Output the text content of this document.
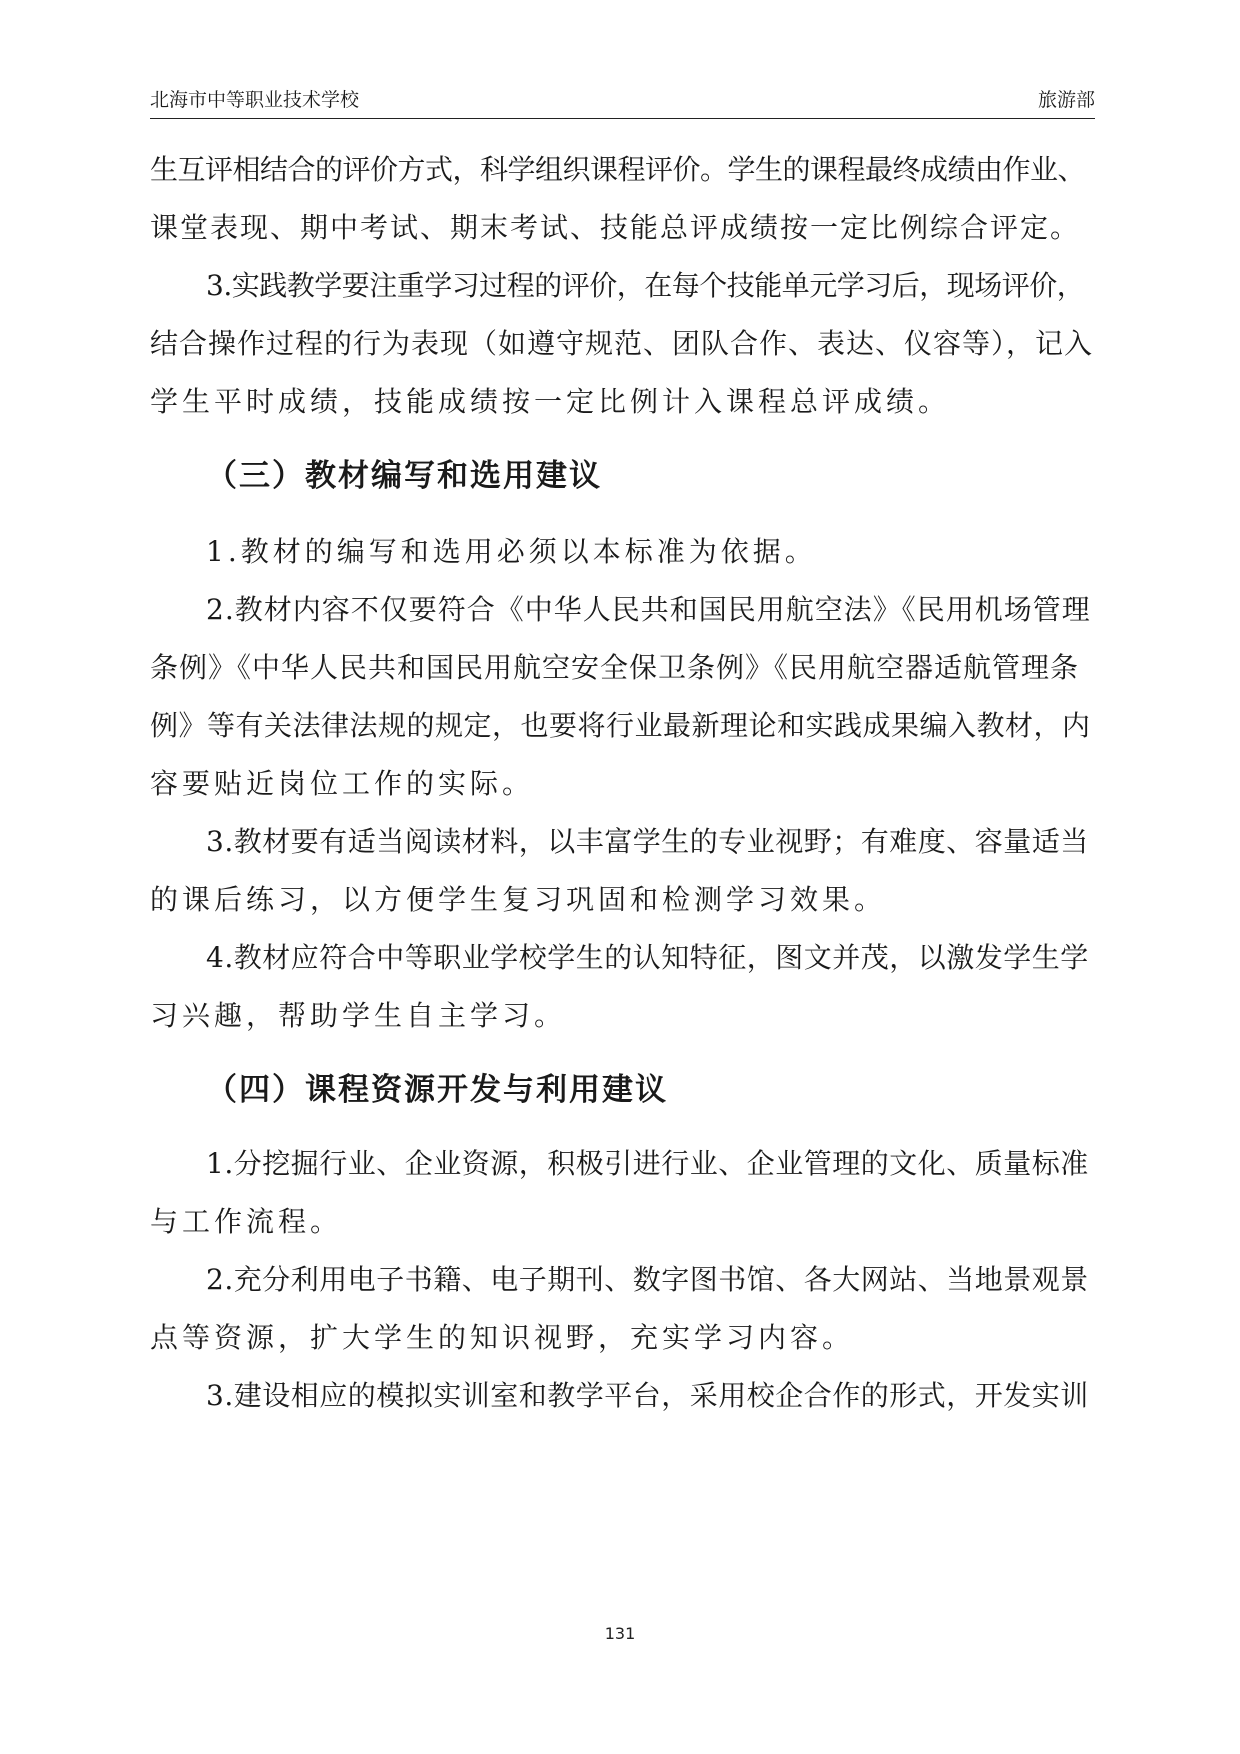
北海市中等职业技术学校	旅游部
生互评相结合的评价方式，科学组织课程评价。学生的课程最终成绩由作业、
课堂表现、期中考试、期末考试、技能总评成绩按一定比例综合评定。
3.实践教学要注重学习过程的评价，在每个技能单元学习后，现场评价，
结合操作过程的行为表现（如遵守规范、团队合作、表达、仪容等），记入
学生平时成绩，技能成绩按一定比例计入课程总评成绩。
（三）教材编写和选用建议
1.教材的编写和选用必须以本标准为依据。
2.教材内容不仅要符合《中华人民共和国民用航空法》《民用机场管理
条例》《中华人民共和国民用航空安全保卫条例》《民用航空器适航管理条
例》等有关法律法规的规定，也要将行业最新理论和实践成果编入教材，内
容要贴近岗位工作的实际。
3.教材要有适当阅读材料，以丰富学生的专业视野；有难度、容量适当
的课后练习，以方便学生复习巩固和检测学习效果。
4.教材应符合中等职业学校学生的认知特征，图文并茂，以激发学生学
习兴趣，帮助学生自主学习。
（四）课程资源开发与利用建议
1.分挖掘行业、企业资源，积极引进行业、企业管理的文化、质量标准
与工作流程。
2.充分利用电子书籍、电子期刊、数字图书馆、各大网站、当地景观景
点等资源，扩大学生的知识视野，充实学习内容。
3.建设相应的模拟实训室和教学平台，采用校企合作的形式，开发实训
131
